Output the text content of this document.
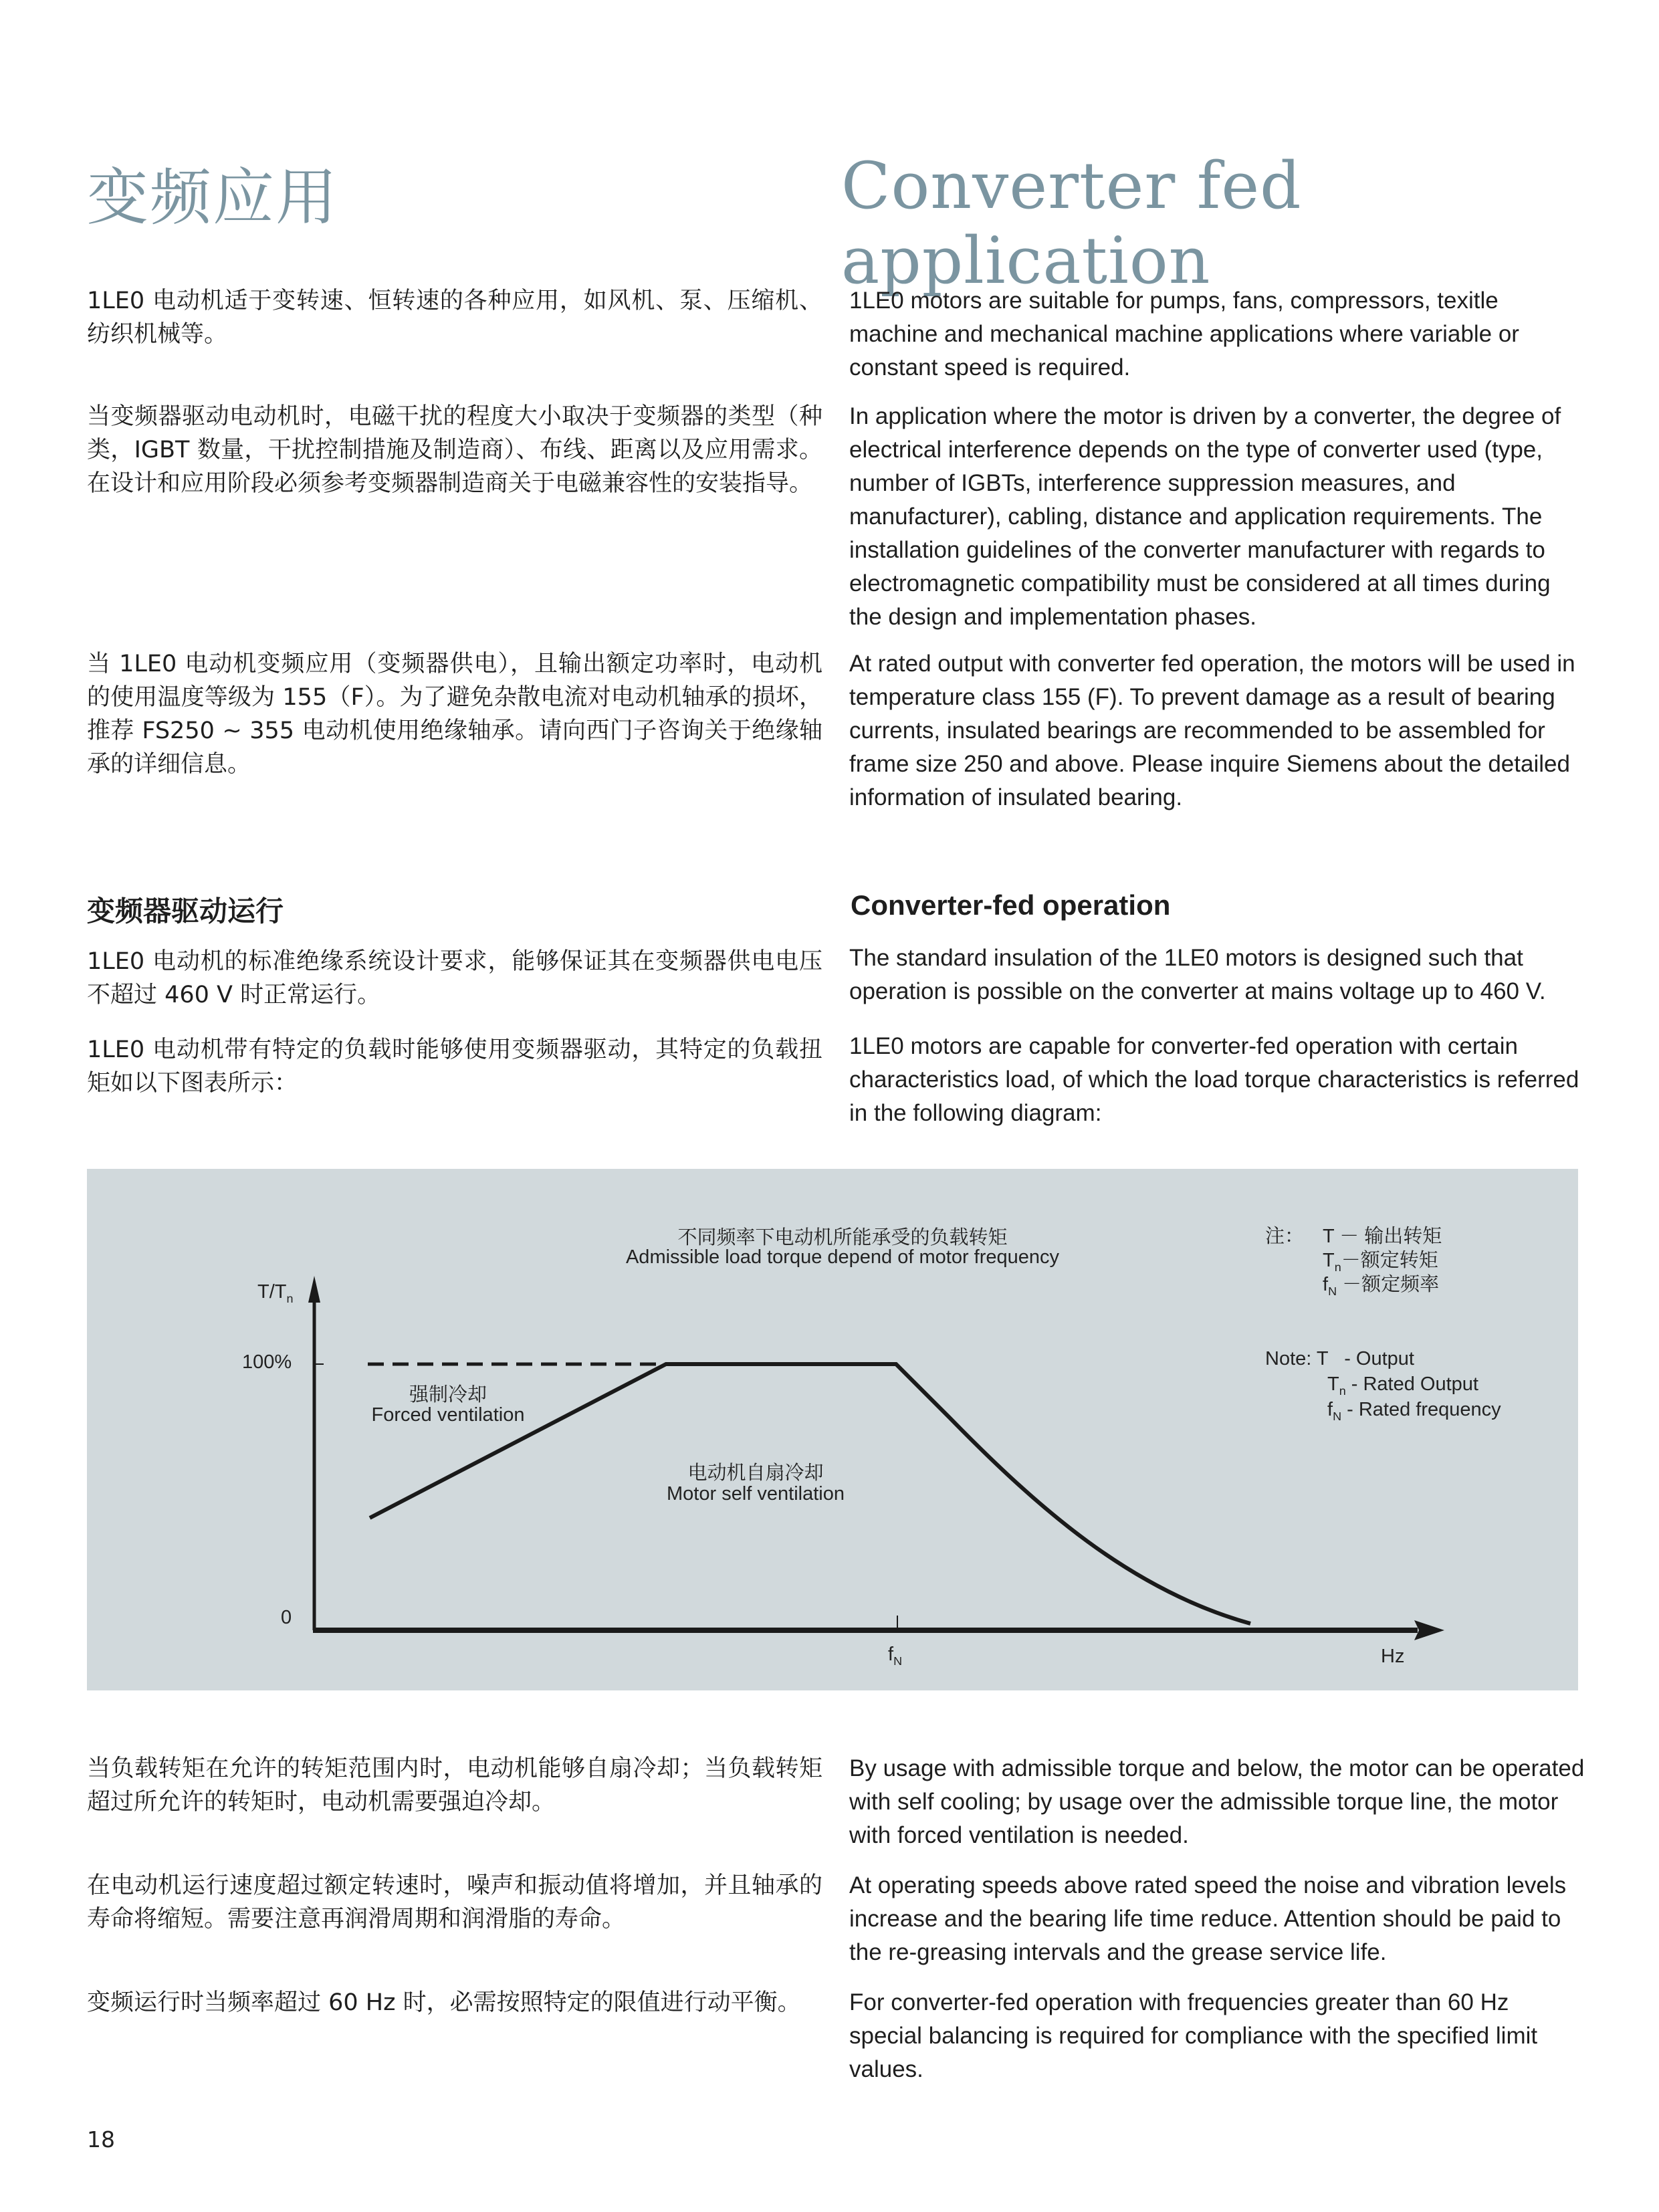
变频应用	Converter fed application

1LE0 电动机适于变转速、恒转速的各种应用，如风机、泵、压缩机、纺织机械等。

当变频器驱动电动机时，电磁干扰的程度大小取决于变频器的类型（种类，IGBT 数量，干扰控制措施及制造商）、布线、距离以及应用需求。在设计和应用阶段必须参考变频器制造商关于电磁兼容性的安装指导。

当 1LE0 电动机变频应用（变频器供电），且输出额定功率时，电动机的使用温度等级为 155（F）。为了避免杂散电流对电动机轴承的损坏，推荐 FS250 ~ 355 电动机使用绝缘轴承。请向西门子咨询关于绝缘轴承的详细信息。

1LE0 motors are suitable for pumps, fans, compressors, texitle machine and mechanical machine applications where variable or constant speed is required.

In application where the motor is driven by a converter, the degree of electrical interference depends on the type of converter used (type, number of IGBTs, interference suppression measures, and manufacturer), cabling, distance and application requirements. The installation guidelines of the converter manufacturer with regards to electromagnetic compatibility must be considered at all times during the design and implementation phases.

At rated output with converter fed operation, the motors will be used in temperature class 155 (F). To prevent damage as a result of bearing currents, insulated bearings are recommended to be assembled for frame size 250 and above. Please inquire Siemens about the detailed information of insulated bearing.

变频器驱动运行	Converter-fed operation

1LE0 电动机的标准绝缘系统设计要求，能够保证其在变频器供电电压不超过 460 V 时正常运行。

1LE0 电动机带有特定的负载时能够使用变频器驱动，其特定的负载扭矩如以下图表所示：

The standard insulation of the 1LE0 motors is designed such that operation is possible on the converter at mains voltage up to 460 V.

1LE0 motors are capable for converter-fed operation with certain characteristics load, of which the load torque characteristics is referred in the following diagram:

不同频率下电动机所能承受的负载转矩
Admissible load torque depend of motor frequency
$T/T_n$
100%
0
$f_N$	Hz
强制冷却
Forced ventilation
电动机自扇冷却
Motor self ventilation
注： T － 输出转矩
$T_n-$额定转矩
$f_N$ －额定频率
Note: T   - Output
$T_n$ - Rated Output
$f_N$ - Rated frequency

当负载转矩在允许的转矩范围内时，电动机能够自扇冷却；当负载转矩超过所允许的转矩时，电动机需要强迫冷却。

在电动机运行速度超过额定转速时，噪声和振动值将增加，并且轴承的寿命将缩短。需要注意再润滑周期和润滑脂的寿命。

变频运行时当频率超过 60 Hz 时，必需按照特定的限值进行动平衡。

By usage with admissible torque and below, the motor can be operated with self cooling; by usage over the admissible torque line, the motor with forced ventilation is needed.

At operating speeds above rated speed the noise and vibration levels increase and the bearing life time reduce. Attention should be paid to the re-greasing intervals and the grease service life.

For converter-fed operation with frequencies greater than 60 Hz special balancing is required for compliance with the specified limit values.

18
